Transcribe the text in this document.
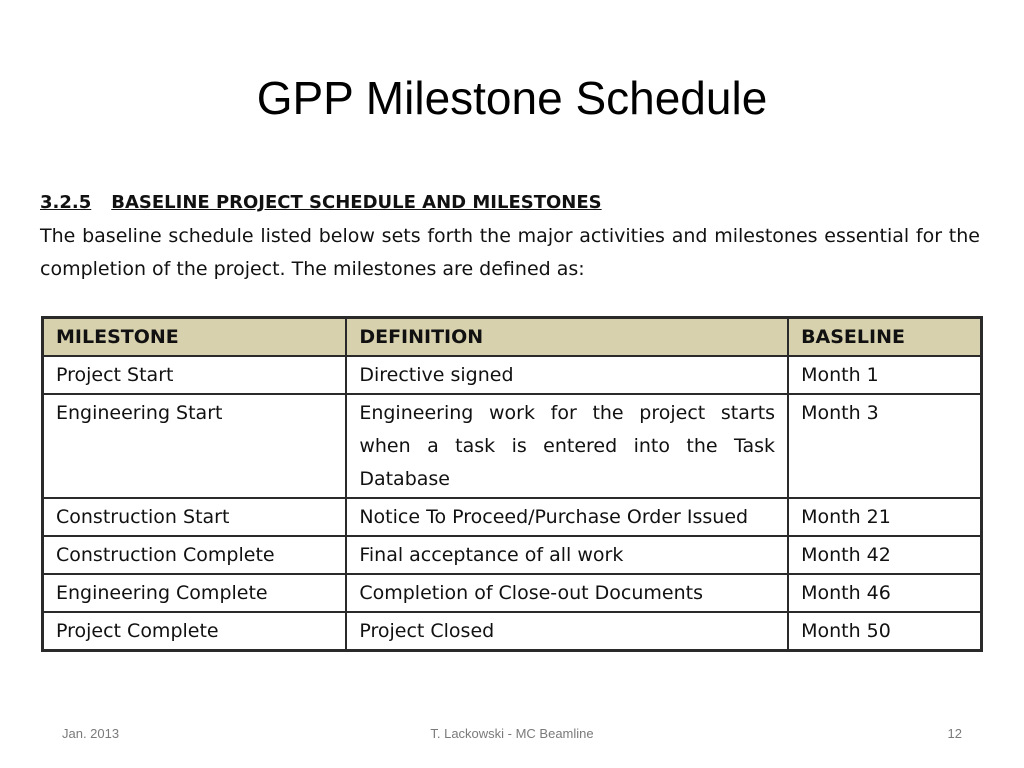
GPP Milestone Schedule
3.2.5 BASELINE PROJECT SCHEDULE AND MILESTONES
The baseline schedule listed below sets forth the major activities and milestones essential for the completion of the project. The milestones are defined as:
MILESTONE	DEFINITION	BASELINE
Project Start	Directive signed	Month 1
Engineering Start	Engineering work for the project starts when a task is entered into the Task Database	Month 3
Construction Start	Notice To Proceed/Purchase Order Issued	Month 21
Construction Complete	Final acceptance of all work	Month 42
Engineering Complete	Completion of Close-out Documents	Month 46
Project Complete	Project Closed	Month 50
Jan. 2013	T. Lackowski - MC Beamline	12
